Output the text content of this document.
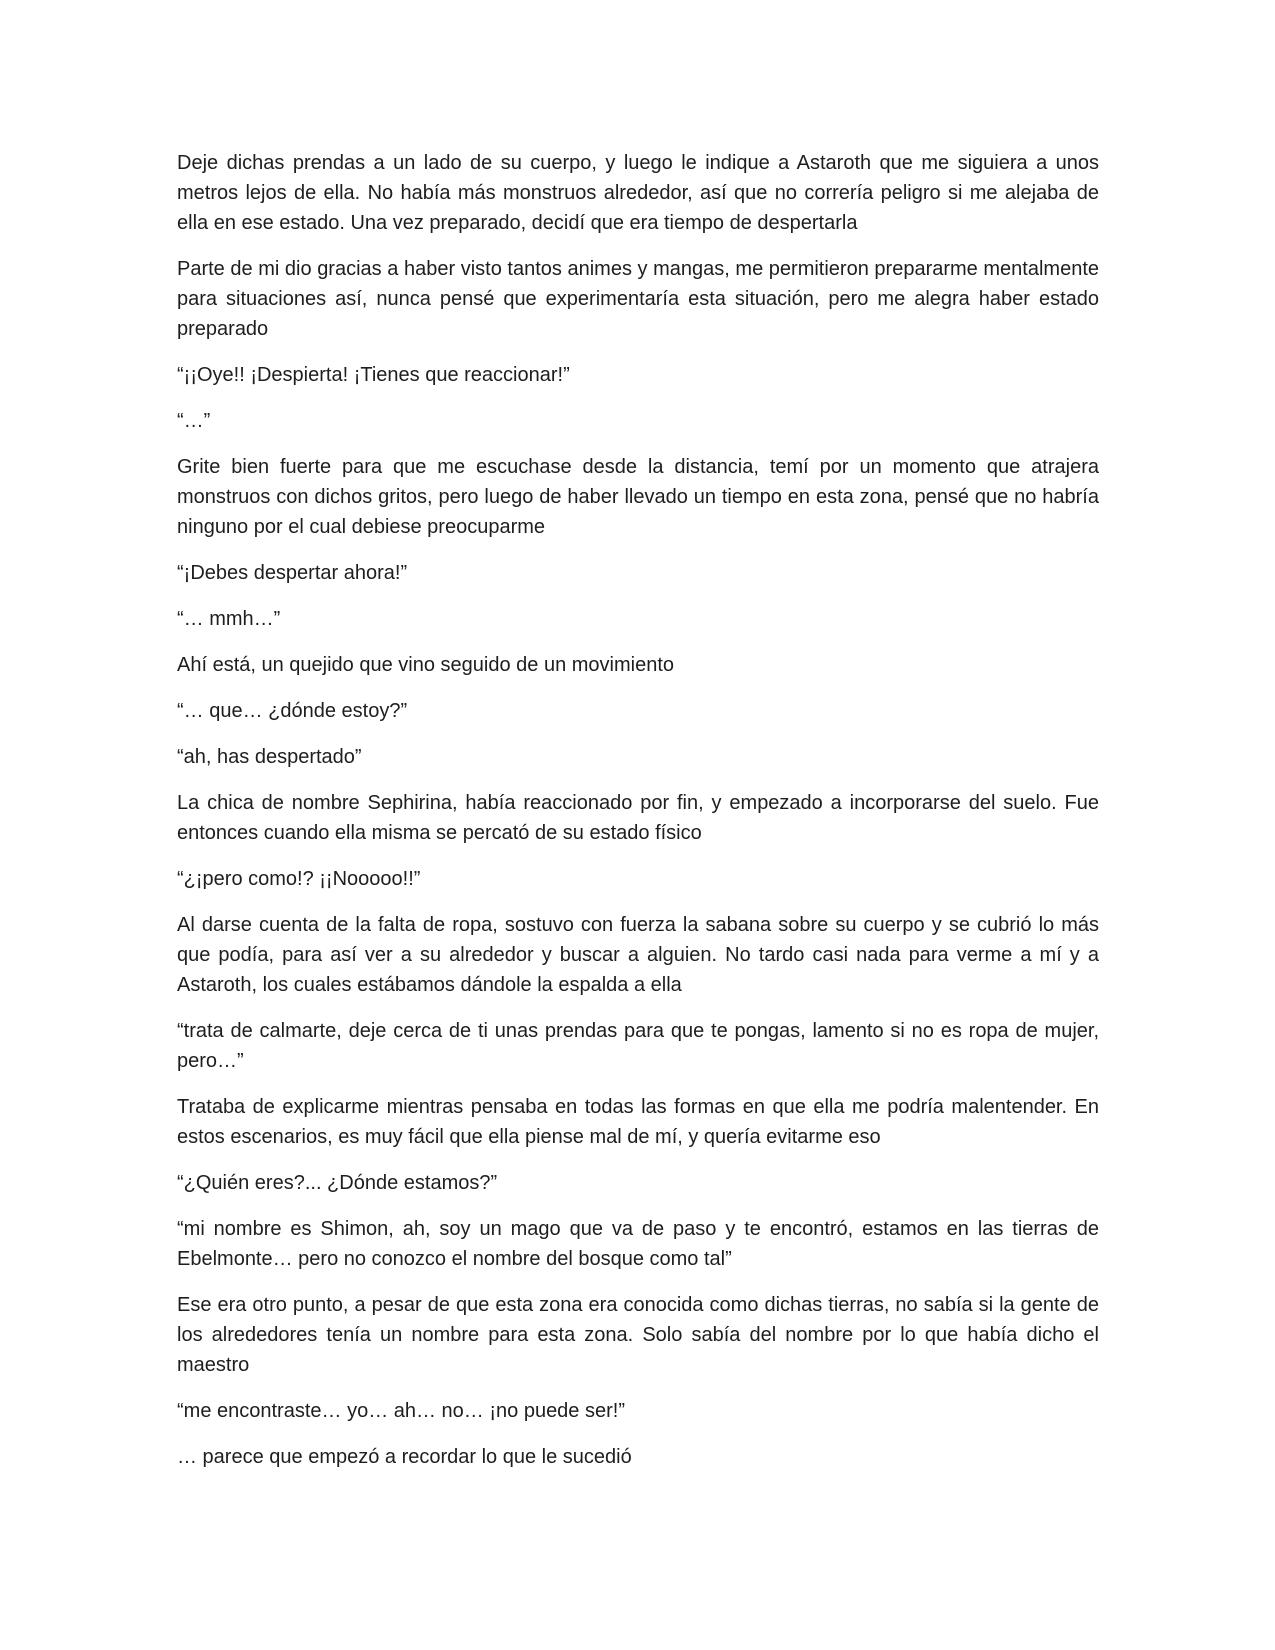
Deje dichas prendas a un lado de su cuerpo, y luego le indique a Astaroth que me siguiera a unos metros lejos de ella. No había más monstruos alrededor, así que no correría peligro si me alejaba de ella en ese estado. Una vez preparado, decidí que era tiempo de despertarla

Parte de mi dio gracias a haber visto tantos animes y mangas, me permitieron prepararme mentalmente para situaciones así, nunca pensé que experimentaría esta situación, pero me alegra haber estado preparado

“¡¡Oye!! ¡Despierta! ¡Tienes que reaccionar!”

“…”

Grite bien fuerte para que me escuchase desde la distancia, temí por un momento que atrajera monstruos con dichos gritos, pero luego de haber llevado un tiempo en esta zona, pensé que no habría ninguno por el cual debiese preocuparme

“¡Debes despertar ahora!”

“… mmh…”

Ahí está, un quejido que vino seguido de un movimiento

“… que… ¿dónde estoy?”

“ah, has despertado”

La chica de nombre Sephirina, había reaccionado por fin, y empezado a incorporarse del suelo. Fue entonces cuando ella misma se percató de su estado físico

“¿¡pero como!? ¡¡Nooooo!!”

Al darse cuenta de la falta de ropa, sostuvo con fuerza la sabana sobre su cuerpo y se cubrió lo más que podía, para así ver a su alrededor y buscar a alguien. No tardo casi nada para verme a mí y a Astaroth, los cuales estábamos dándole la espalda a ella

“trata de calmarte, deje cerca de ti unas prendas para que te pongas, lamento si no es ropa de mujer, pero…”

Trataba de explicarme mientras pensaba en todas las formas en que ella me podría malentender. En estos escenarios, es muy fácil que ella piense mal de mí, y quería evitarme eso

“¿Quién eres?... ¿Dónde estamos?”

“mi nombre es Shimon, ah, soy un mago que va de paso y te encontró, estamos en las tierras de Ebelmonte… pero no conozco el nombre del bosque como tal”

Ese era otro punto, a pesar de que esta zona era conocida como dichas tierras, no sabía si la gente de los alrededores tenía un nombre para esta zona. Solo sabía del nombre por lo que había dicho el maestro

“me encontraste… yo… ah… no… ¡no puede ser!”

… parece que empezó a recordar lo que le sucedió
